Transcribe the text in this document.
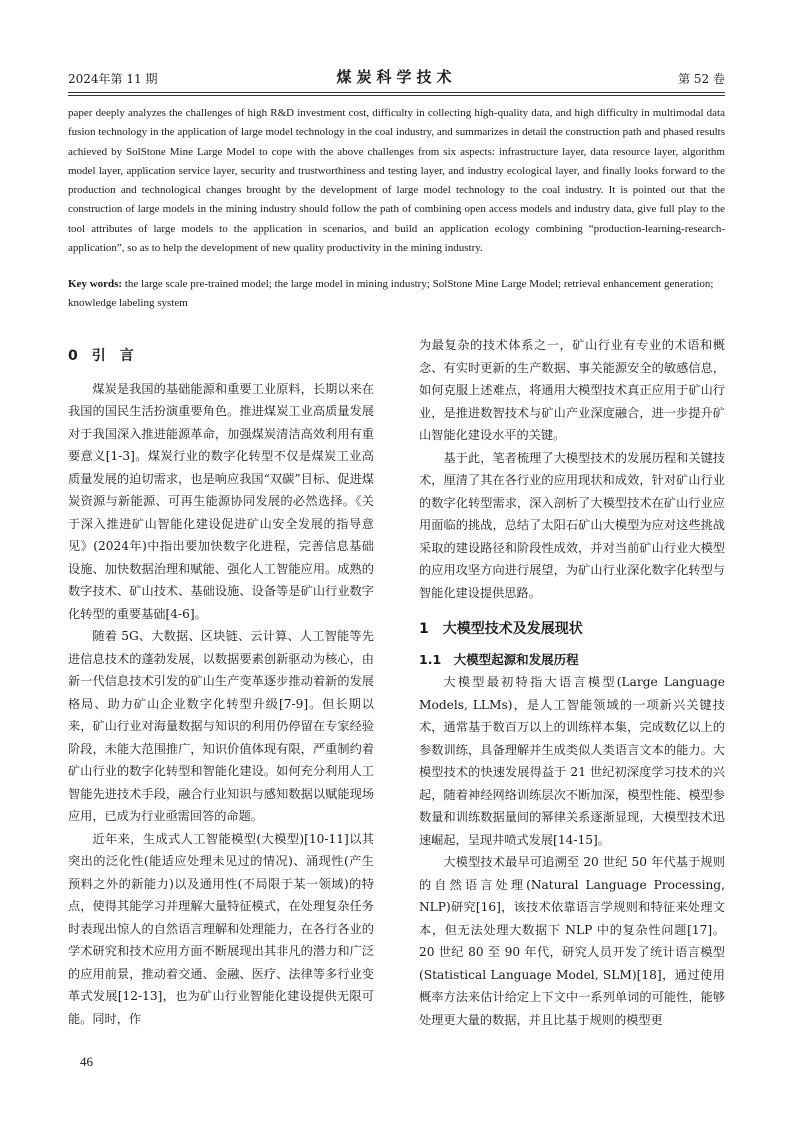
2024年第 11 期	煤炭科学技术	第 52 卷
paper deeply analyzes the challenges of high R&D investment cost, difficulty in collecting high-quality data, and high difficulty in multimodal data fusion technology in the application of large model technology in the coal industry, and summarizes in detail the construction path and phased results achieved by SolStone Mine Large Model to cope with the above challenges from six aspects: infrastructure layer, data resource layer, algorithm model layer, application service layer, security and trustworthiness and testing layer, and industry ecological layer, and finally looks forward to the production and technological changes brought by the development of large model technology to the coal industry. It is pointed out that the construction of large models in the mining industry should follow the path of combining open access models and industry data, give full play to the tool attributes of large models to the application in scenarios, and build an application ecology combining “production-learning-research-application”, so as to help the development of new quality productivity in the mining industry.
Key words: the large scale pre-trained model; the large model in mining industry; SolStone Mine Large Model; retrieval enhancement generation; knowledge labeling system
0　引　言

煤炭是我国的基础能源和重要工业原料，长期以来在我国的国民生活扮演重要角色。推进煤炭工业高质量发展对于我国深入推进能源革命，加强煤炭清洁高效利用有重要意义[1-3]。煤炭行业的数字化转型不仅是煤炭工业高质量发展的迫切需求，也是响应我国“双碳”目标、促进煤炭资源与新能源、可再生能源协同发展的必然选择。《关于深入推进矿山智能化建设促进矿山安全发展的指导意见》(2024年)中指出要加快数字化进程，完善信息基础设施、加快数据治理和赋能、强化人工智能应用。成熟的数字技术、矿山技术、基础设施、设备等是矿山行业数字化转型的重要基础[4-6]。

随着 5G、大数据、区块链、云计算、人工智能等先进信息技术的蓬勃发展，以数据要素创新驱动为核心，由新一代信息技术引发的矿山生产变革逐步推动着新的发展格局、助力矿山企业数字化转型升级[7-9]。但长期以来，矿山行业对海量数据与知识的利用仍停留在专家经验阶段，未能大范围推广，知识价值体现有限，严重制约着矿山行业的数字化转型和智能化建设。如何充分利用人工智能先进技术手段，融合行业知识与感知数据以赋能现场应用，已成为行业亟需回答的命题。

近年来，生成式人工智能模型(大模型)[10-11]以其突出的泛化性(能适应处理未见过的情况)、涌现性(产生预料之外的新能力)以及通用性(不局限于某一领域)的特点，使得其能学习并理解大量特征模式，在处理复杂任务时表现出惊人的自然语言理解和处理能力，在各行各业的学术研究和技术应用方面不断展现出其非凡的潜力和广泛的应用前景，推动着交通、金融、医疗、法律等多行业变革式发展[12-13]，也为矿山行业智能化建设提供无限可能。同时，作

为最复杂的技术体系之一，矿山行业有专业的术语和概念、有实时更新的生产数据、事关能源安全的敏感信息，如何克服上述难点，将通用大模型技术真正应用于矿山行业，是推进数智技术与矿山产业深度融合，进一步提升矿山智能化建设水平的关键。

基于此，笔者梳理了大模型技术的发展历程和关键技术，厘清了其在各行业的应用现状和成效，针对矿山行业的数字化转型需求，深入剖析了大模型技术在矿山行业应用面临的挑战，总结了太阳石矿山大模型为应对这些挑战采取的建设路径和阶段性成效，并对当前矿山行业大模型的应用攻坚方向进行展望，为矿山行业深化数字化转型与智能化建设提供思路。

1　大模型技术及发展现状
1.1　大模型起源和发展历程

大模型最初特指大语言模型(Large Language Models, LLMs)，是人工智能领域的一项新兴关键技术，通常基于数百万以上的训练样本集，完成数亿以上的参数训练，具备理解并生成类似人类语言文本的能力。大模型技术的快速发展得益于 21 世纪初深度学习技术的兴起，随着神经网络训练层次不断加深，模型性能、模型参数量和训练数据量间的幂律关系逐渐显现，大模型技术迅速崛起，呈现井喷式发展[14-15]。

大模型技术最早可追溯至 20 世纪 50 年代基于规则的自然语言处理(Natural Language Processing, NLP)研究[16]，该技术依靠语言学规则和特征来处理文本，但无法处理大数据下 NLP 中的复杂性问题[17]。20 世纪 80 至 90 年代，研究人员开发了统计语言模型(Statistical Language Model, SLM)[18]，通过使用概率方法来估计给定上下文中一系列单词的可能性，能够处理更大量的数据，并且比基于规则的模型更

46
